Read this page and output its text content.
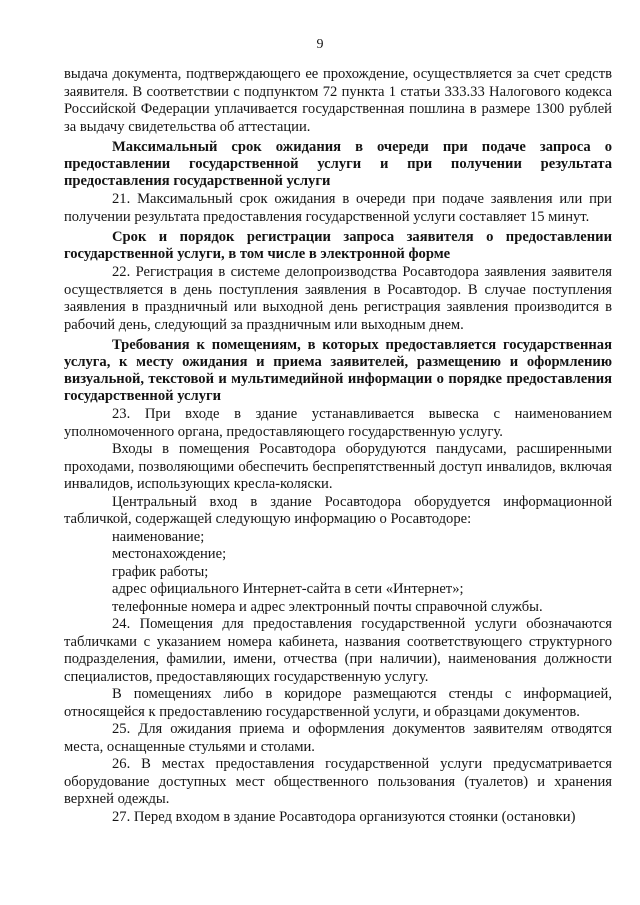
9

выдача документа, подтверждающего ее прохождение, осуществляется за счет средств заявителя. В соответствии с подпунктом 72 пункта 1 статьи 333.33 Налогового кодекса Российской Федерации уплачивается государственная пошлина в размере 1300 рублей за выдачу свидетельства об аттестации.

Максимальный срок ожидания в очереди при подаче запроса о предоставлении государственной услуги и при получении результата предоставления государственной услуги

21. Максимальный срок ожидания в очереди при подаче заявления или при получении результата предоставления государственной услуги составляет 15 минут.

Срок и порядок регистрации запроса заявителя о предоставлении государственной услуги, в том числе в электронной форме

22. Регистрация в системе делопроизводства Росавтодора заявления заявителя осуществляется в день поступления заявления в Росавтодор. В случае поступления заявления в праздничный или выходной день регистрация заявления производится в рабочий день, следующий за праздничным или выходным днем.

Требования к помещениям, в которых предоставляется государственная услуга, к месту ожидания и приема заявителей, размещению и оформлению визуальной, текстовой и мультимедийной информации о порядке предоставления государственной услуги

23. При входе в здание устанавливается вывеска с наименованием уполномоченного органа, предоставляющего государственную услугу.

Входы в помещения Росавтодора оборудуются пандусами, расширенными проходами, позволяющими обеспечить беспрепятственный доступ инвалидов, включая инвалидов, использующих кресла-коляски.

Центральный вход в здание Росавтодора оборудуется информационной табличкой, содержащей следующую информацию о Росавтодоре:

наименование;

местонахождение;

график работы;

адрес официального Интернет-сайта в сети «Интернет»;

телефонные номера и адрес электронный почты справочной службы.

24. Помещения для предоставления государственной услуги обозначаются табличками с указанием номера кабинета, названия соответствующего структурного подразделения, фамилии, имени, отчества (при наличии), наименования должности специалистов, предоставляющих государственную услугу.

В помещениях либо в коридоре размещаются стенды с информацией, относящейся к предоставлению государственной услуги, и образцами документов.

25. Для ожидания приема и оформления документов заявителям отводятся места, оснащенные стульями и столами.

26. В местах предоставления государственной услуги предусматривается оборудование доступных мест общественного пользования (туалетов) и хранения верхней одежды.

27. Перед входом в здание Росавтодора организуются стоянки (остановки)
